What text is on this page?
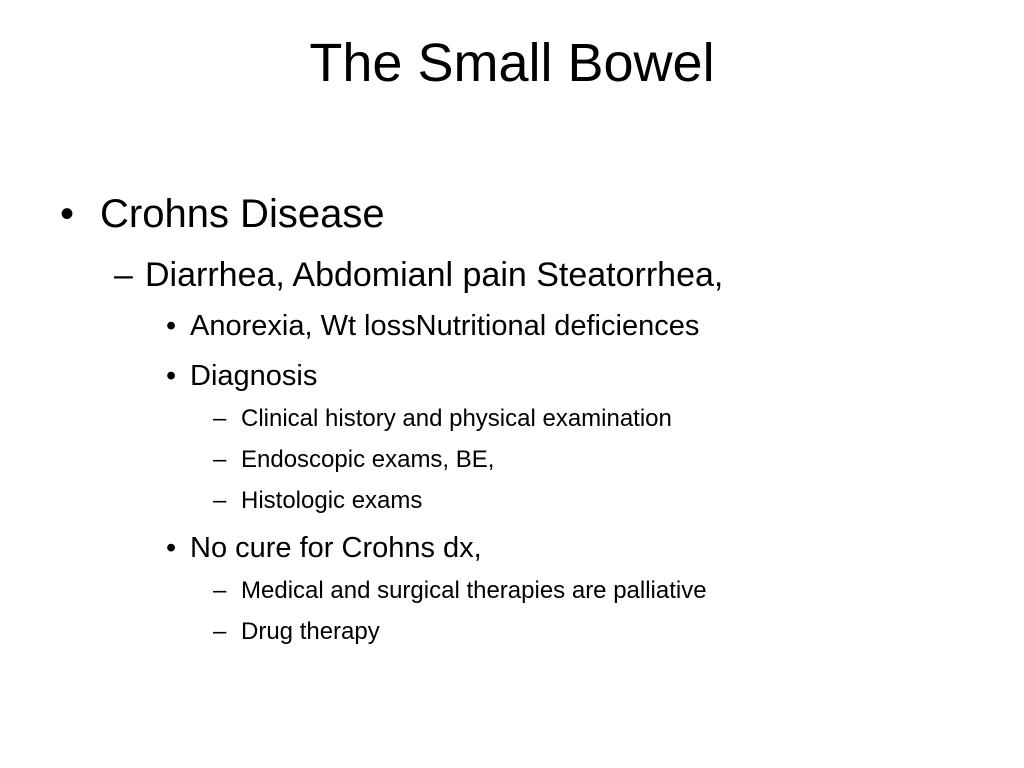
The Small Bowel
• Crohns Disease
– Diarrhea, Abdomianl pain Steatorrhea,
• Anorexia, Wt lossNutritional deficiences
• Diagnosis
– Clinical history and physical examination
– Endoscopic exams, BE,
– Histologic exams
• No cure for Crohns dx,
– Medical and surgical therapies are palliative
– Drug therapy
